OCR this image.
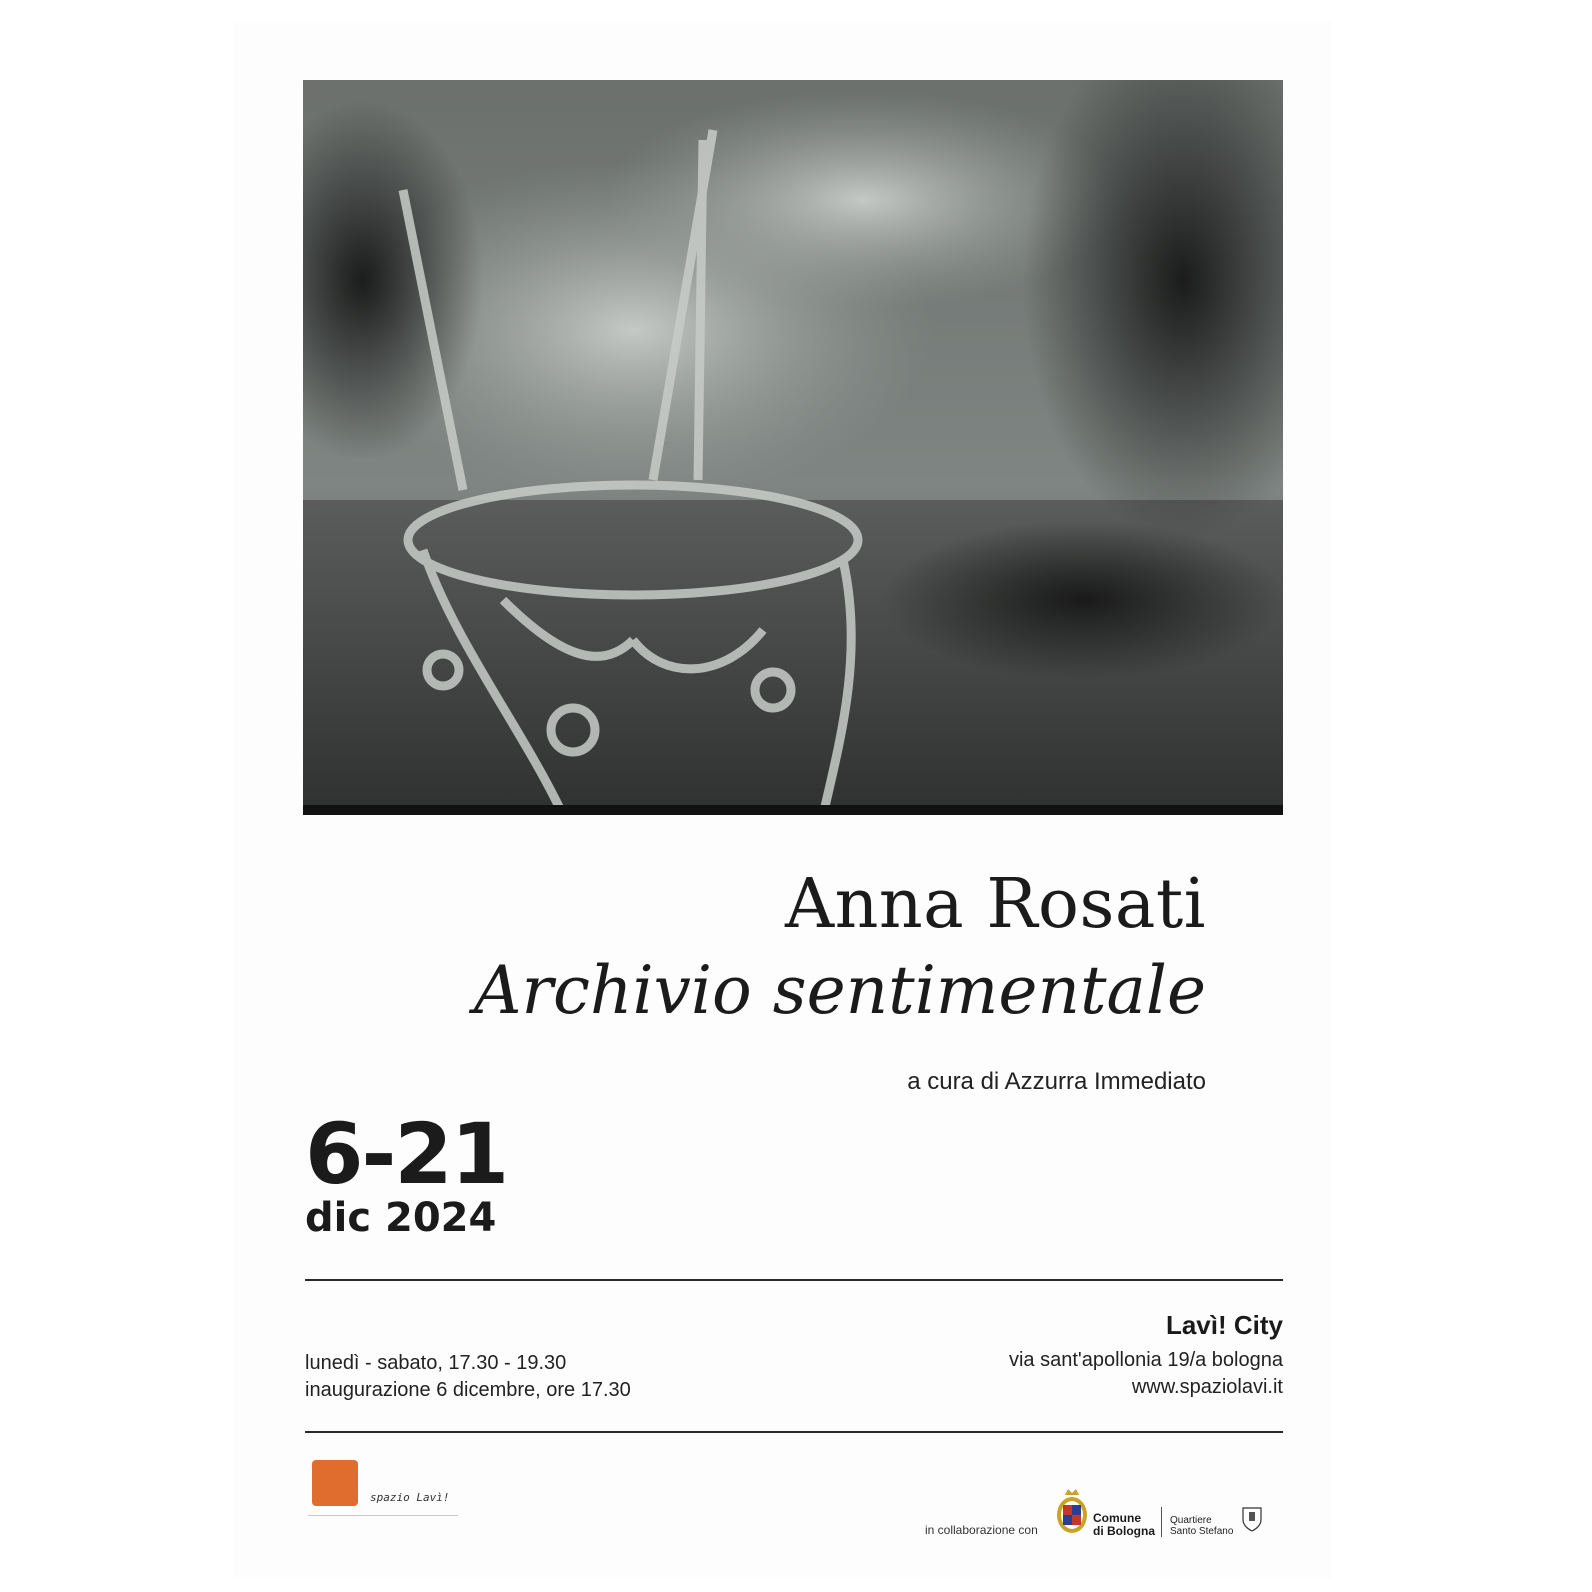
Anna Rosati
Archivio sentimentale
a cura di Azzurra Immediato
6-21
dic 2024
lunedì - sabato, 17.30 - 19.30
inaugurazione 6 dicembre, ore 17.30
Lavì! City
via sant'apollonia 19/a bologna
www.spaziolavi.it
spazio Lavì!
in collaborazione con
Comune
di Bologna
Quartiere
Santo Stefano
